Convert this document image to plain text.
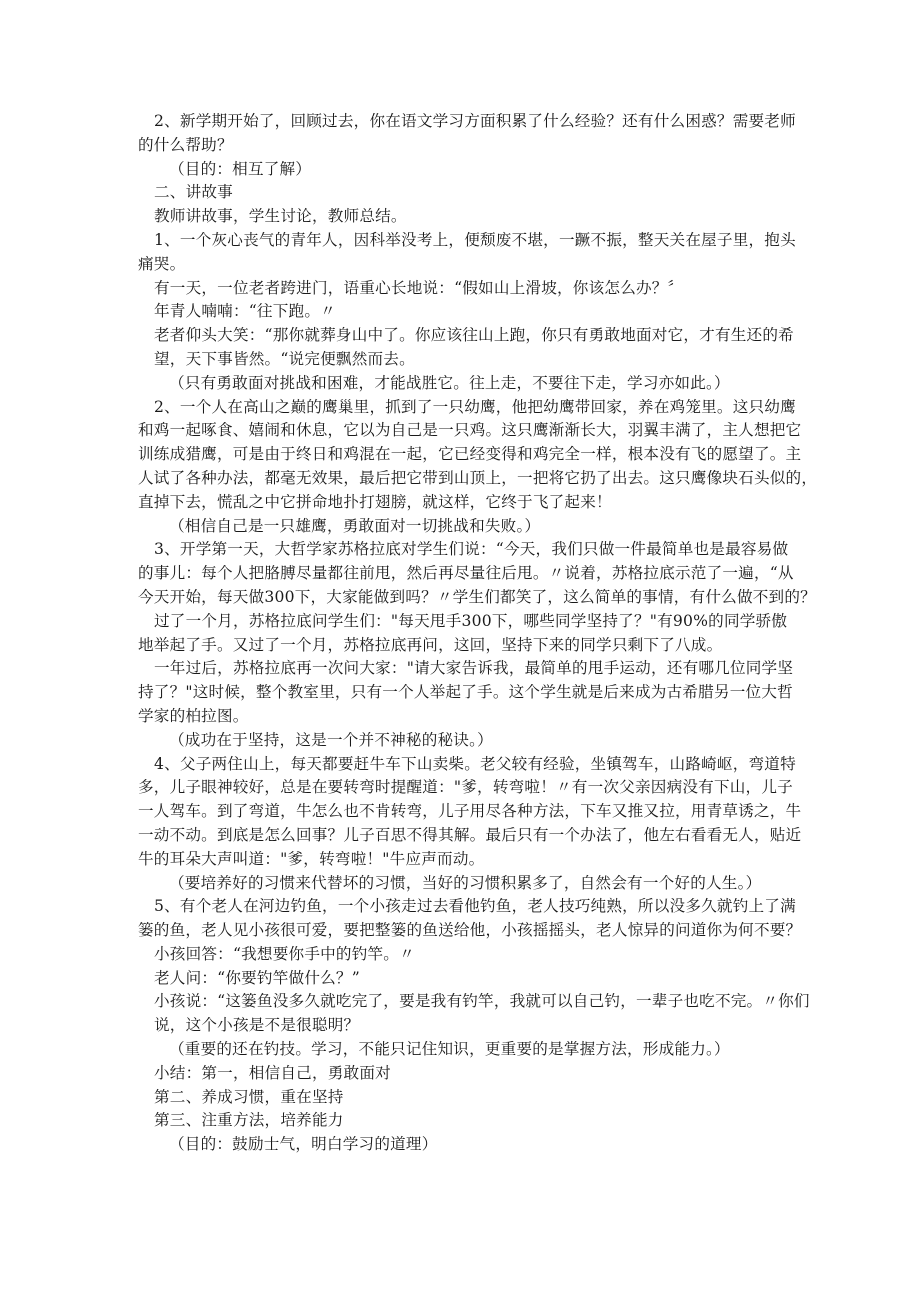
2、新学期开始了，回顾过去，你在语文学习方面积累了什么经验？还有什么困惑？需要老师
的什么帮助？
（目的：相互了解）
二、讲故事
教师讲故事，学生讨论，教师总结。
1、一个灰心丧气的青年人，因科举没考上，便颓废不堪，一蹶不振，整天关在屋子里，抱头
痛哭。
有一天，一位老者跨进门，语重心长地说：“假如山上滑坡，你该怎么办？〞
年青人喃喃：“往下跑。〃
老者仰头大笑：“那你就葬身山中了。你应该往山上跑，你只有勇敢地面对它，才有生还的希
望，天下事皆然。“说完便飘然而去。
（只有勇敢面对挑战和困难，才能战胜它。往上走，不要往下走，学习亦如此。）
2、一个人在高山之巅的鹰巢里，抓到了一只幼鹰，他把幼鹰带回家，养在鸡笼里。这只幼鹰
和鸡一起啄食、嬉闹和休息，它以为自己是一只鸡。这只鹰渐渐长大，羽翼丰满了，主人想把它
训练成猎鹰，可是由于终日和鸡混在一起，它已经变得和鸡完全一样，根本没有飞的愿望了。主
人试了各种办法，都毫无效果，最后把它带到山顶上，一把将它扔了出去。这只鹰像块石头似的，
直掉下去，慌乱之中它拼命地扑打翅膀，就这样，它终于飞了起来！
（相信自己是一只雄鹰，勇敢面对一切挑战和失败。）
3、开学第一天，大哲学家苏格拉底对学生们说：“今天，我们只做一件最简单也是最容易做
的事儿：每个人把胳膊尽量都往前甩，然后再尽量往后甩。〃说着，苏格拉底示范了一遍，“从
今天开始，每天做300下，大家能做到吗？〃学生们都笑了，这么简单的事情，有什么做不到的？
过了一个月，苏格拉底问学生们："每天甩手300下，哪些同学坚持了？"有90%的同学骄傲
地举起了手。又过了一个月，苏格拉底再问，这回，坚持下来的同学只剩下了八成。
一年过后，苏格拉底再一次问大家："请大家告诉我，最简单的甩手运动，还有哪几位同学坚
持了？"这时候，整个教室里，只有一个人举起了手。这个学生就是后来成为古希腊另一位大哲
学家的柏拉图。
（成功在于坚持，这是一个并不神秘的秘诀。）
4、父子两住山上，每天都要赶牛车下山卖柴。老父较有经验，坐镇驾车，山路崎岖，弯道特
多，儿子眼神较好，总是在要转弯时提醒道："爹，转弯啦！〃有一次父亲因病没有下山，儿子
一人驾车。到了弯道，牛怎么也不肯转弯，儿子用尽各种方法，下车又推又拉，用青草诱之，牛
一动不动。到底是怎么回事？儿子百思不得其解。最后只有一个办法了，他左右看看无人，贴近
牛的耳朵大声叫道："爹，转弯啦！"牛应声而动。
（要培养好的习惯来代替坏的习惯，当好的习惯积累多了，自然会有一个好的人生。）
5、有个老人在河边钓鱼，一个小孩走过去看他钓鱼，老人技巧纯熟，所以没多久就钓上了满
篓的鱼，老人见小孩很可爱，要把整篓的鱼送给他，小孩摇摇头，老人惊异的问道你为何不要？
小孩回答：“我想要你手中的钓竿。〃
老人问：“你要钓竿做什么？”
小孩说：“这篓鱼没多久就吃完了，要是我有钓竿，我就可以自己钓，一辈子也吃不完。〃你们
说，这个小孩是不是很聪明？
（重要的还在钓技。学习，不能只记住知识，更重要的是掌握方法，形成能力。）
小结：第一，相信自己，勇敢面对
第二、养成习惯，重在坚持
第三、注重方法，培养能力
（目的：鼓励士气，明白学习的道理）
